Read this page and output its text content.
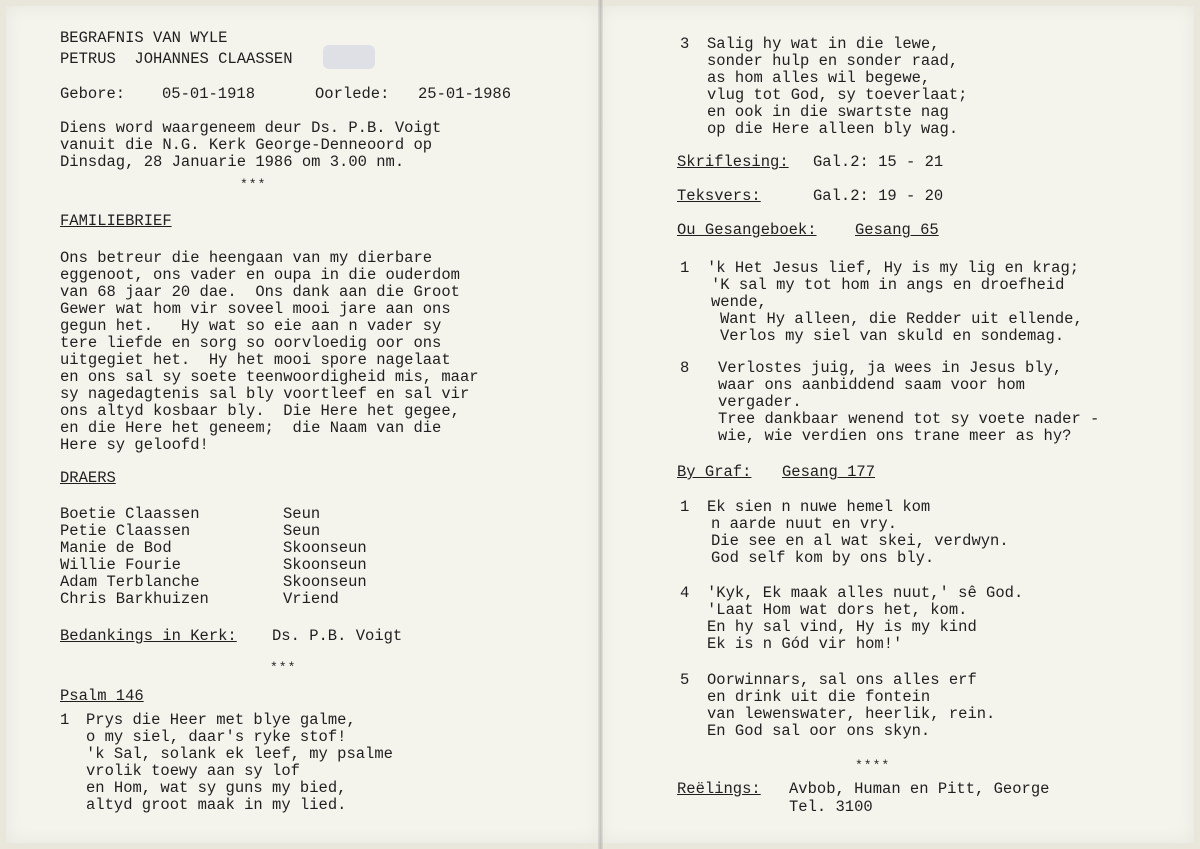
BEGRAFNIS VAN WYLE
PETRUS  JOHANNES CLAASSEN
Gebore: 05-01-1918	Oorlede: 25-01-1986
Diens word waargeneem deur Ds. P.B. Voigt
vanuit die N.G. Kerk George-Denneoord op
Dinsdag, 28 Januarie 1986 om 3.00 nm.
***
FAMILIEBRIEF
Ons betreur die heengaan van my dierbare
eggenoot, ons vader en oupa in die ouderdom
van 68 jaar 20 dae.  Ons dank aan die Groot
Gewer wat hom vir soveel mooi jare aan ons
gegun het.   Hy wat so eie aan n vader sy
tere liefde en sorg so oorvloedig oor ons
uitgegiet het.  Hy het mooi spore nagelaat
en ons sal sy soete teenwoordigheid mis, maar
sy nagedagtenis sal bly voortleef en sal vir
ons altyd kosbaar bly.  Die Here het gegee,
en die Here het geneem;  die Naam van die
Here sy geloofd!
DRAERS
Boetie Claassen	Seun
Petie Claassen	Seun
Manie de Bod	Skoonseun
Willie Fourie	Skoonseun
Adam Terblanche	Skoonseun
Chris Barkhuizen	Vriend
Bedankings in Kerk: Ds. P.B. Voigt
***
Psalm 146
1 Prys die Heer met blye galme,
o my siel, daar's ryke stof!
'k Sal, solank ek leef, my psalme
vrolik toewy aan sy lof
en Hom, wat sy guns my bied,
altyd groot maak in my lied.
3 Salig hy wat in die lewe,
sonder hulp en sonder raad,
as hom alles wil begewe,
vlug tot God, sy toeverlaat;
en ook in die swartste nag
op die Here alleen bly wag.
Skriflesing: Gal.2: 15 - 21
Teksvers:	Gal.2: 19 - 20
Ou Gesangeboek: Gesang 65
1 'k Het Jesus lief, Hy is my lig en krag;
'K sal my tot hom in angs en droefheid
wende,
Want Hy alleen, die Redder uit ellende,
Verlos my siel van skuld en sondemag.
8 Verlostes juig, ja wees in Jesus bly,
waar ons aanbiddend saam voor hom
vergader.
Tree dankbaar wenend tot sy voete nader -
wie, wie verdien ons trane meer as hy?
By Graf: Gesang 177
1 Ek sien n nuwe hemel kom
n aarde nuut en vry.
Die see en al wat skei, verdwyn.
God self kom by ons bly.
4 'Kyk, Ek maak alles nuut,' sê God.
'Laat Hom wat dors het, kom.
En hy sal vind, Hy is my kind
Ek is n Gód vir hom!'
5 Oorwinnars, sal ons alles erf
en drink uit die fontein
van lewenswater, heerlik, rein.
En God sal oor ons skyn.
****
Reëlings: Avbob, Human en Pitt, George
Tel. 3100
